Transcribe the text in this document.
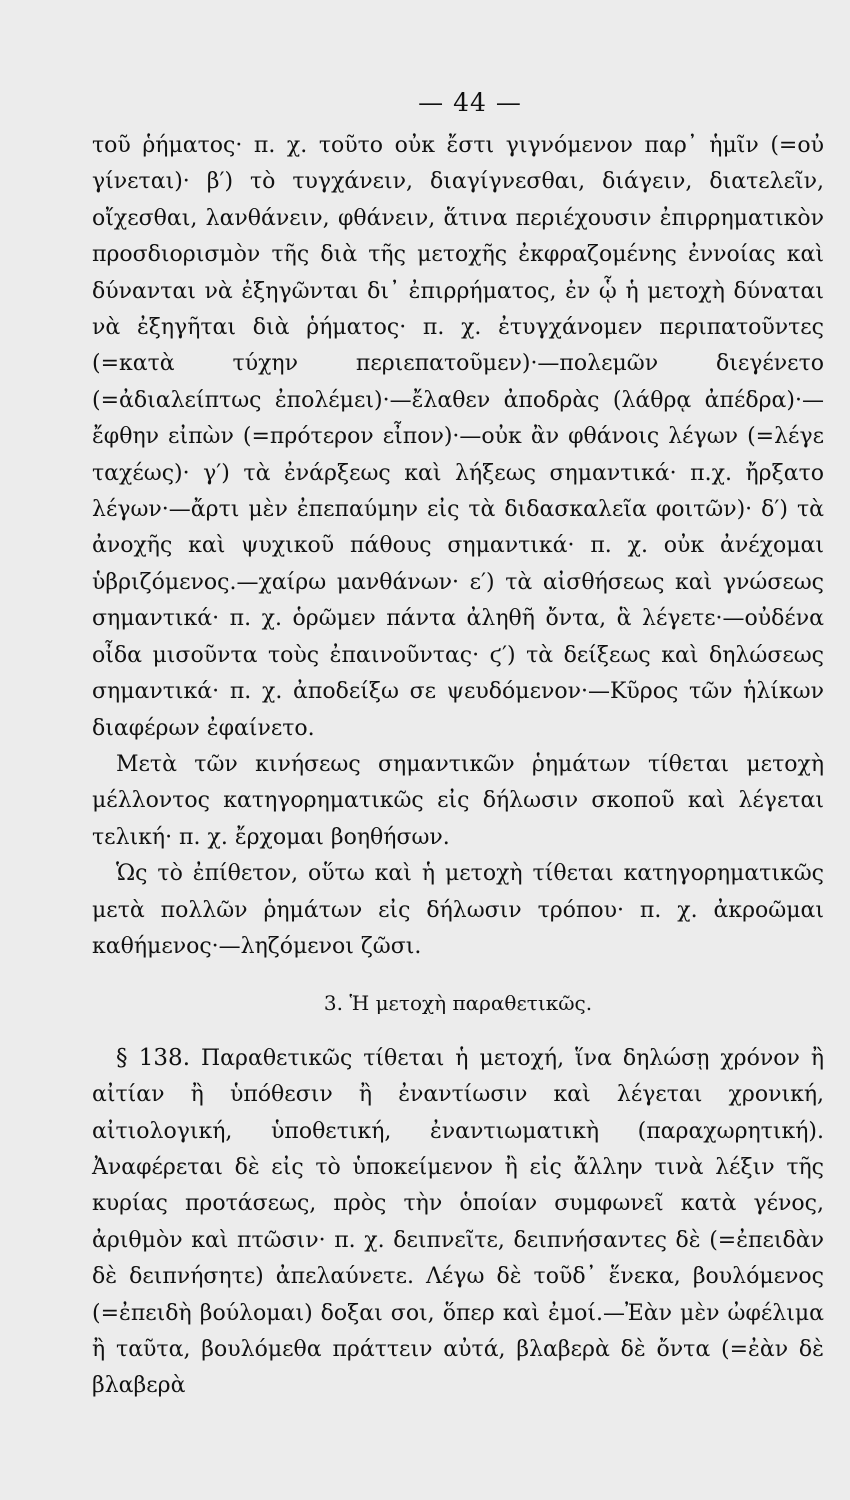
— 44 —

τοῦ ῥήματος· π. χ. τοῦτο οὐκ ἔστι γιγνόμενον παρ᾽ ἡμῖν (=οὐ γίνεται)· β′) τὸ τυγχάνειν, διαγίγνεσθαι, διάγειν, διατελεῖν, οἴχεσθαι, λανθάνειν, φθάνειν, ἅτινα περιέχουσιν ἐπιρρηματικὸν προσδιορισμὸν τῆς διὰ τῆς μετοχῆς ἐκφραζομένης ἐννοίας καὶ δύνανται νὰ ἐξηγῶνται δι᾽ ἐπιρρήματος, ἐν ᾧ ἡ μετοχὴ δύναται νὰ ἐξηγῆται διὰ ῥήματος· π. χ. ἐτυγχάνομεν περιπατοῦντες (=κατὰ τύχην περιεπατοῦμεν)·—πολεμῶν διεγένετο (=ἀδιαλείπτως ἐπολέμει)·—ἔλαθεν ἀποδρὰς (λάθρᾳ ἀπέδρα)·—ἔφθην εἰπὼν (=πρότερον εἶπον)·—οὐκ ἂν φθάνοις λέγων (=λέγε ταχέως)· γ′) τὰ ἐνάρξεως καὶ λήξεως σημαντικά· π.χ. ἤρξατο λέγων·—ἄρτι μὲν ἐπεπαύμην εἰς τὰ διδασκαλεῖα φοιτῶν)· δ′) τὰ ἀνοχῆς καὶ ψυχικοῦ πάθους σημαντικά· π. χ. οὐκ ἀνέχομαι ὑβριζόμενος.—χαίρω μανθάνων· ε′) τὰ αἰσθήσεως καὶ γνώσεως σημαντικά· π. χ. ὁρῶμεν πάντα ἀληθῆ ὄντα, ἃ λέγετε·—οὐδένα οἶδα μισοῦντα τοὺς ἐπαινοῦντας· ϛ′) τὰ δείξεως καὶ δηλώσεως σημαντικά· π. χ. ἀποδείξω σε ψευδόμενον·—Κῦρος τῶν ἡλίκων διαφέρων ἐφαίνετο.

Μετὰ τῶν κινήσεως σημαντικῶν ῥημάτων τίθεται μετοχὴ μέλλοντος κατηγορηματικῶς εἰς δήλωσιν σκοποῦ καὶ λέγεται τελική· π. χ. ἔρχομαι βοηθήσων.

Ὡς τὸ ἐπίθετον, οὕτω καὶ ἡ μετοχὴ τίθεται κατηγορηματικῶς μετὰ πολλῶν ῥημάτων εἰς δήλωσιν τρόπου· π. χ. ἀκροῶμαι καθήμενος·—ληζόμενοι ζῶσι.

3. Ἡ μετοχὴ παραθετικῶς.

§ 138. Παραθετικῶς τίθεται ἡ μετοχή, ἵνα δηλώσῃ χρόνον ἢ αἰτίαν ἢ ὑπόθεσιν ἢ ἐναντίωσιν καὶ λέγεται χρονική, αἰτιολογική, ὑποθετική, ἐναντιωματικὴ (παραχωρητική). Ἀναφέρεται δὲ εἰς τὸ ὑποκείμενον ἢ εἰς ἄλλην τινὰ λέξιν τῆς κυρίας προτάσεως, πρὸς τὴν ὁποίαν συμφωνεῖ κατὰ γένος, ἀριθμὸν καὶ πτῶσιν· π. χ. δειπνεῖτε, δειπνήσαντες δὲ (=ἐπειδὰν δὲ δειπνήσητε) ἀπελαύνετε. Λέγω δὲ τοῦδ᾽ ἕνεκα, βουλόμενος (=ἐπειδὴ βούλομαι) δοξαι σοι, ὅπερ καὶ ἐμοί.—Ἐὰν μὲν ὠφέλιμα ἢ ταῦτα, βουλόμεθα πράττειν αὐτά, βλαβερὰ δὲ ὄντα (=ἐὰν δὲ βλαβερὰ
